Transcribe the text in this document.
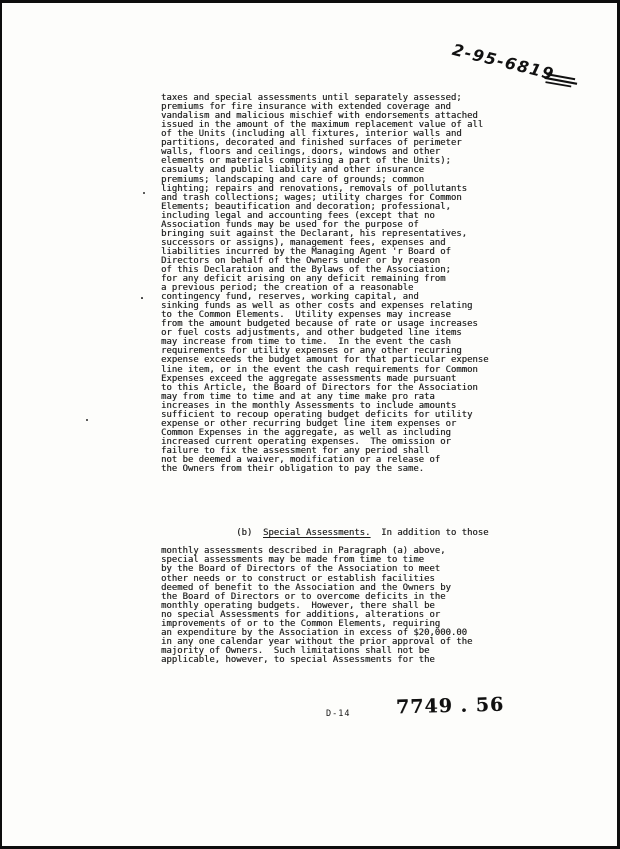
2-95-6819

taxes and special assessments until separately assessed;
premiums for fire insurance with extended coverage and
vandalism and malicious mischief with endorsements attached
issued in the amount of the maximum replacement value of all
of the Units (including all fixtures, interior walls and
partitions, decorated and finished surfaces of perimeter
walls, floors and ceilings, doors, windows and other
elements or materials comprising a part of the Units);
casualty and public liability and other insurance
premiums; landscaping and care of grounds; common
lighting; repairs and renovations, removals of pollutants
and trash collections; wages; utility charges for Common
Elements; beautification and decoration; professional,
including legal and accounting fees (except that no
Association funds may be used for the purpose of
bringing suit against the Declarant, his representatives,
successors or assigns), management fees, expenses and
liabilities incurred by the Managing Agent 'r Board of
Directors on behalf of the Owners under or by reason
of this Declaration and the Bylaws of the Association;
for any deficit arising on any deficit remaining from
a previous period; the creation of a reasonable
contingency fund, reserves, working capital, and
sinking funds as well as other costs and expenses relating
to the Common Elements.  Utility expenses may increase
from the amount budgeted because of rate or usage increases
or fuel costs adjustments, and other budgeted line items
may increase from time to time.  In the event the cash
requirements for utility expenses or any other recurring
expense exceeds the budget amount for that particular expense
line item, or in the event the cash requirements for Common
Expenses exceed the aggregate assessments made pursuant
to this Article, the Board of Directors for the Association
may from time to time and at any time make pro rata
increases in the monthly Assessments to include amounts
sufficient to recoup operating budget deficits for utility
expense or other recurring budget line item expenses or
Common Expenses in the aggregate, as well as including
increased current operating expenses.  The omission or
failure to fix the assessment for any period shall
not be deemed a waiver, modification or a release of
the Owners from their obligation to pay the same.

(b)  Special Assessments.  In addition to those

monthly assessments described in Paragraph (a) above,
special assessments may be made from time to time
by the Board of Directors of the Association to meet
other needs or to construct or establish facilities
deemed of benefit to the Association and the Owners by
the Board of Directors or to overcome deficits in the
monthly operating budgets.  However, there shall be
no special Assessments for additions, alterations or
improvements of or to the Common Elements, requiring
an expenditure by the Association in excess of $20,000.00
in any one calendar year without the prior approval of the
majority of Owners.  Such limitations shall not be
applicable, however, to special Assessments for the

D-14 7749 . 56
